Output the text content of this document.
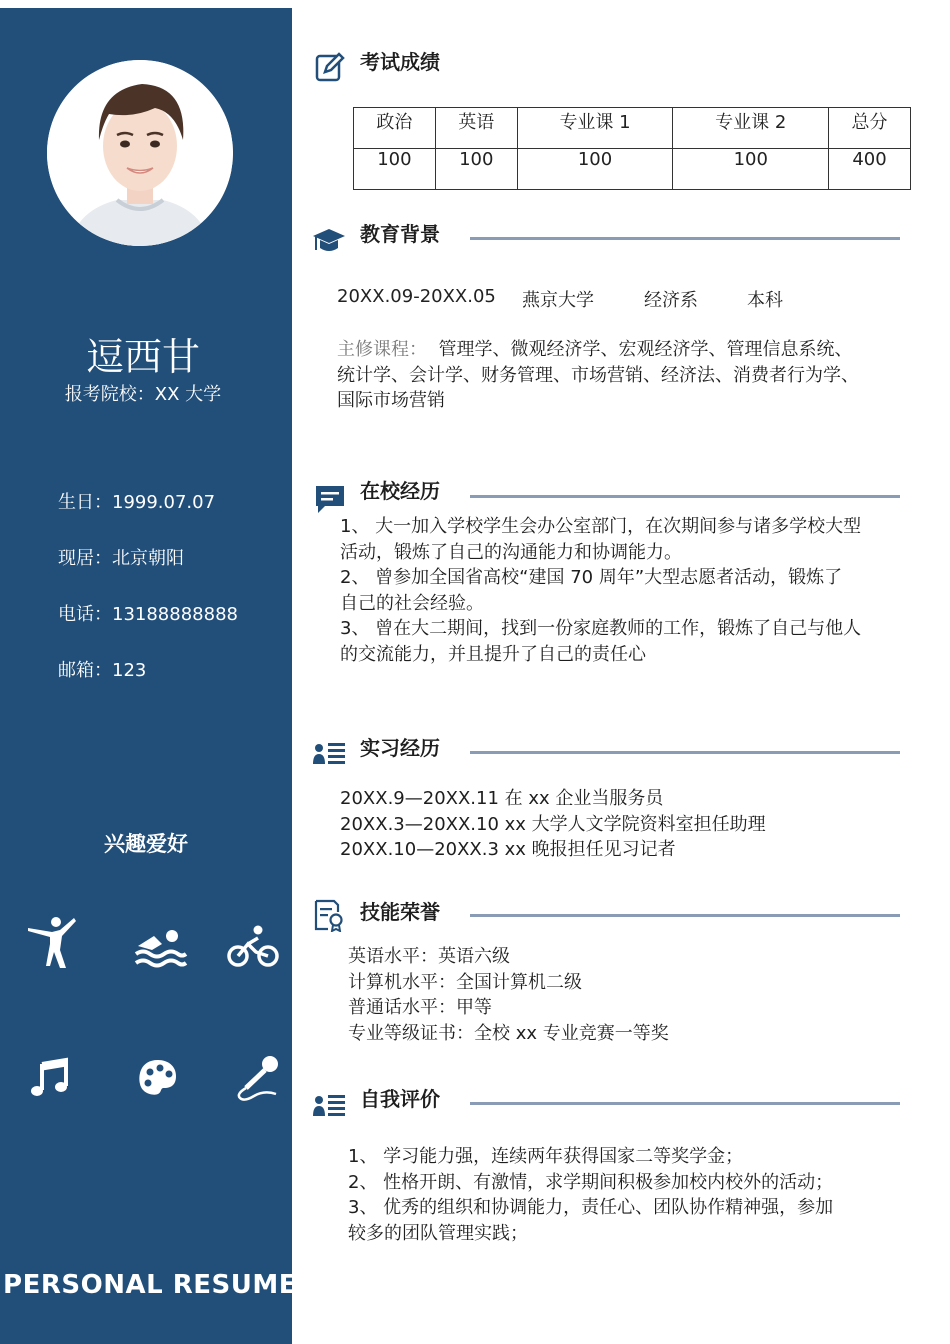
逗西甘
报考院校：XX 大学
生日：1999.07.07
现居：北京朝阳
电话：13188888888
邮箱：123
兴趣爱好
PERSONAL RESUME
考试成绩
政治	英语	专业课 1	专业课 2	总分
100	100	100	100	400
教育背景
20XX.09-20XX.05 燕京大学	经济系	本科
主修课程： 管理学、微观经济学、宏观经济学、管理信息系统、
统计学、会计学、财务管理、市场营销、经济法、消费者行为学、
国际市场营销
在校经历
1、 大一加入学校学生会办公室部门，在次期间参与诸多学校大型
活动，锻炼了自己的沟通能力和协调能力。
2、 曾参加全国省高校“建国 70 周年”大型志愿者活动，锻炼了
自己的社会经验。
3、 曾在大二期间，找到一份家庭教师的工作，锻炼了自己与他人
的交流能力，并且提升了自己的责任心
实习经历
20XX.9—20XX.11 在 xx 企业当服务员
20XX.3—20XX.10 xx 大学人文学院资料室担任助理
20XX.10—20XX.3 xx 晚报担任见习记者
技能荣誉
英语水平：英语六级
计算机水平：全国计算机二级
普通话水平：甲等
专业等级证书：全校 xx 专业竞赛一等奖
自我评价
1、 学习能力强，连续两年获得国家二等奖学金；
2、 性格开朗、有激情，求学期间积极参加校内校外的活动；
3、 优秀的组织和协调能力，责任心、团队协作精神强，参加
较多的团队管理实践；
